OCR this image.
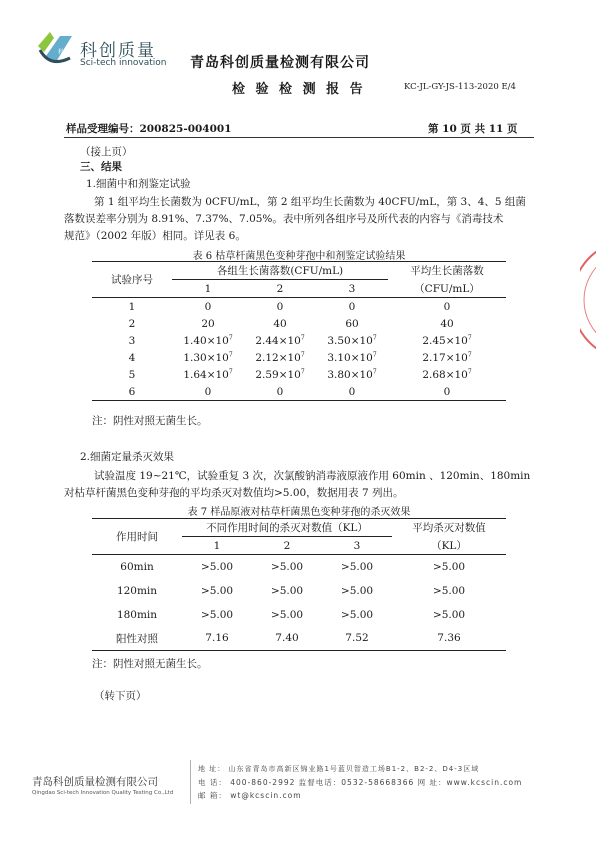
科创 科创质量
Sci-tech innovation 青岛科创质量检测有限公司
检 验 检 测 报 告	KC-JL-GY-JS-113-2020 E/4
样品受理编号：200825-004001	第 10 页 共 11 页
（接上页）
三、结果
1.细菌中和剂鉴定试验
第 1 组平均生长菌数为 0CFU/mL，第 2 组平均生长菌数为 40CFU/mL，第 3、4、5 组菌
落数误差率分别为 8.91%、7.37%、7.05%。表中所列各组序号及所代表的内容与《消毒技术
规范》（2002 年版）相同。详见表 6。
表 6 枯草杆菌黑色变种芽孢中和剂鉴定试验结果
试验序号	各组生长菌落数(CFU/mL)			平均生长菌落数
	1	2	3	（CFU/mL）
1	0	0	0	0
2	20	40	60	40
3	$1.40\times 10^7$	$2.44\times 10^7$	$3.50\times 10^7$	$2.45\times 10^7$
4	$1.30\times 10^7$	$2.12\times 10^7$	$3.10\times 10^7$	$2.17\times 10^7$
5	$1.64\times 10^7$	$2.59\times 10^7$	$3.80\times 10^7$	$2.68\times 10^7$
6	0	0	0	0
注：阴性对照无菌生长。
2.细菌定量杀灭效果
试验温度 19~21℃，试验重复 3 次，次氯酸钠消毒液原液作用 60min 、120min、180min
对枯草杆菌黑色变种芽孢的平均杀灭对数值均>5.00，数据用表 7 列出。
表 7 样品原液对枯草杆菌黑色变种芽孢的杀灭效果
作用时间	不同作用时间的杀灭对数值（KL）			平均杀灭对数值
	1	2	3	（KL）
60min	>5.00	>5.00	>5.00	>5.00
120min	>5.00	>5.00	>5.00	>5.00
180min	>5.00	>5.00	>5.00	>5.00
阳性对照	7.16	7.40	7.52	7.36
注：阴性对照无菌生长。
（转下页）
青岛科创质量检测有限公司
Qingdao Sci-tech Innovation Quality Testing Co.,Ltd
地 址： 山东省青岛市高新区锦业路1号蓝贝智造工场B1-2、B2-2、D4-3区域
电 话： 400-860-2992 监督电话：0532-58668366 网 址：www.kcscin.com
邮 箱： wt@kcscin.com
